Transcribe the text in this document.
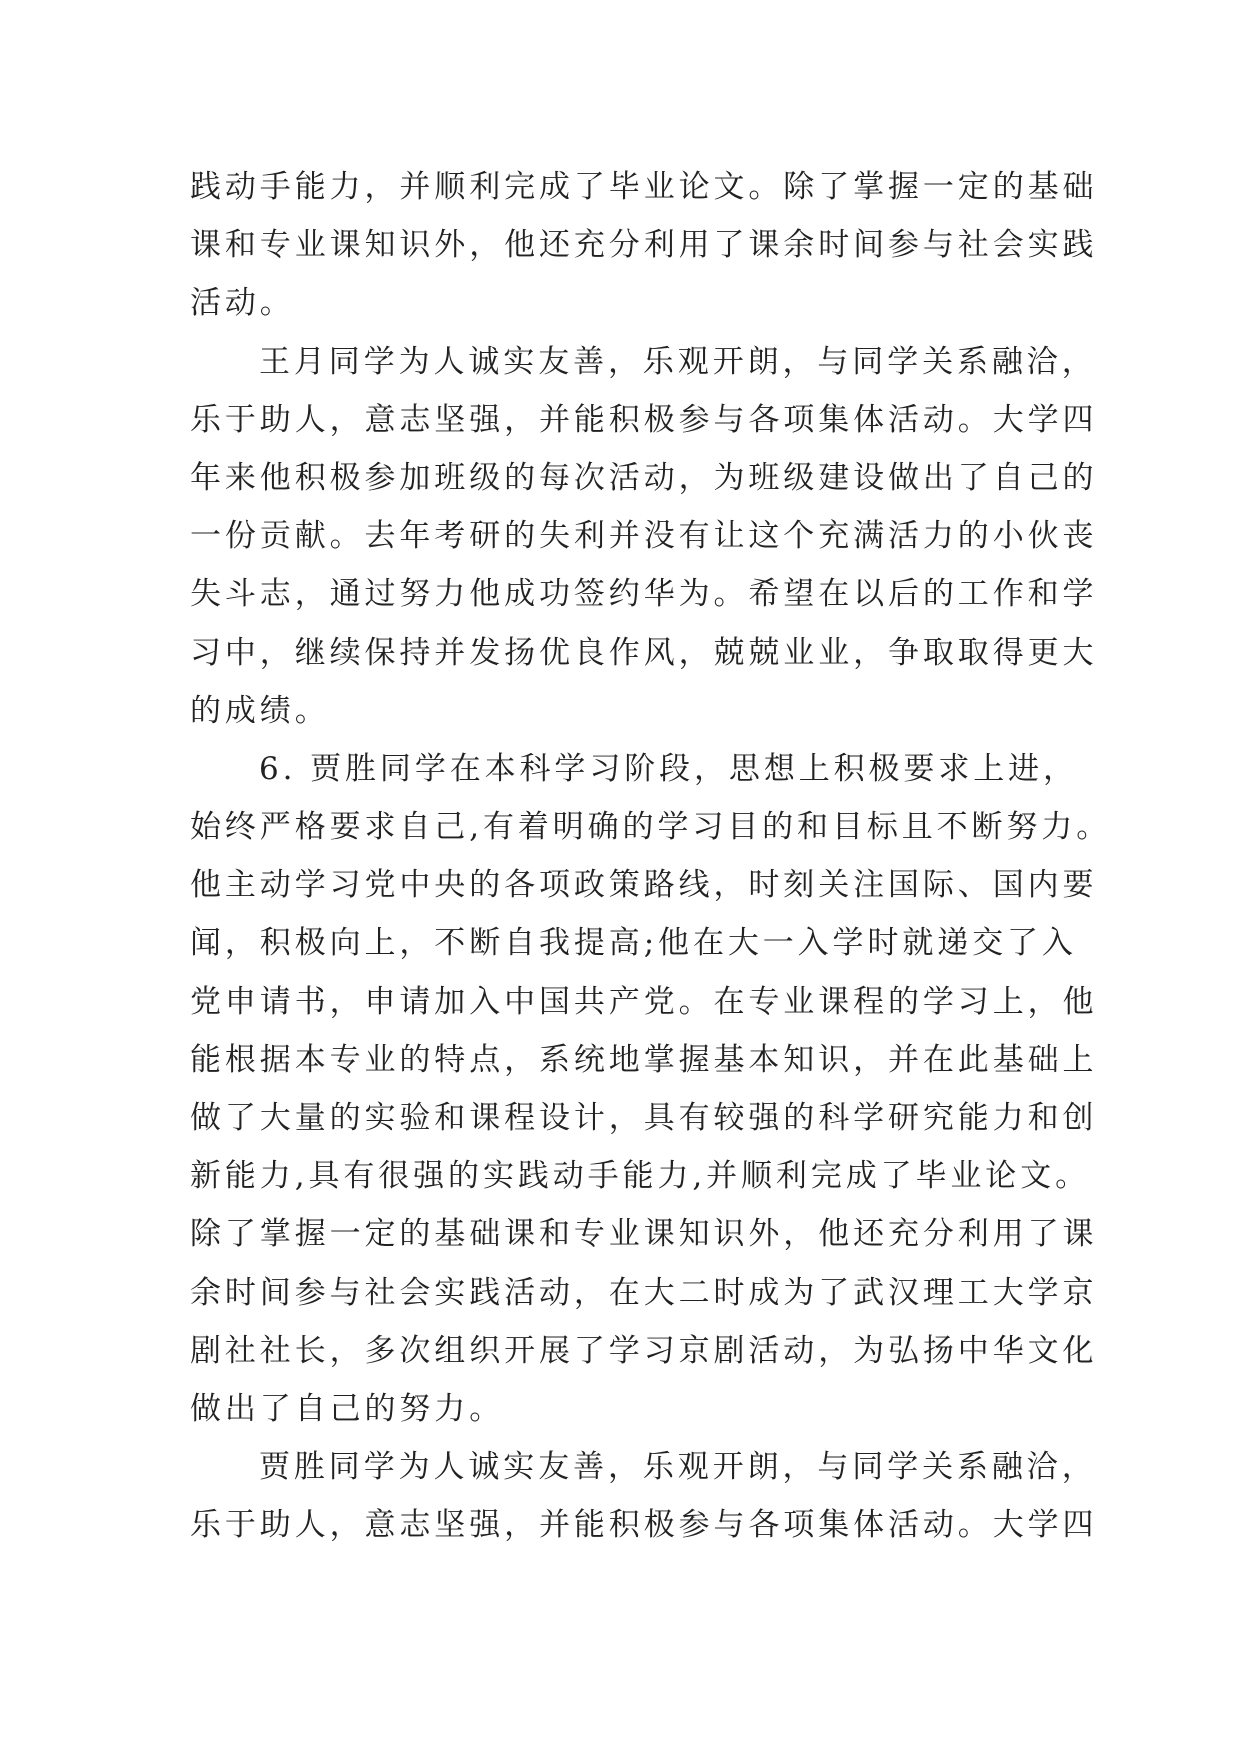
践动手能力，并顺利完成了毕业论文。除了掌握一定的基础
课和专业课知识外，他还充分利用了课余时间参与社会实践
活动。
王月同学为人诚实友善，乐观开朗，与同学关系融洽，
乐于助人，意志坚强，并能积极参与各项集体活动。大学四
年来他积极参加班级的每次活动，为班级建设做出了自己的
一份贡献。去年考研的失利并没有让这个充满活力的小伙丧
失斗志，通过努力他成功签约华为。希望在以后的工作和学
习中，继续保持并发扬优良作风，兢兢业业，争取取得更大
的成绩。
6. 贾胜同学在本科学习阶段，思想上积极要求上进，
始终严格要求自己,有着明确的学习目的和目标且不断努力。
他主动学习党中央的各项政策路线，时刻关注国际、国内要
闻，积极向上，不断自我提高;他在大一入学时就递交了入
党申请书，申请加入中国共产党。在专业课程的学习上，他
能根据本专业的特点，系统地掌握基本知识，并在此基础上
做了大量的实验和课程设计，具有较强的科学研究能力和创
新能力,具有很强的实践动手能力,并顺利完成了毕业论文。
除了掌握一定的基础课和专业课知识外，他还充分利用了课
余时间参与社会实践活动，在大二时成为了武汉理工大学京
剧社社长，多次组织开展了学习京剧活动，为弘扬中华文化
做出了自己的努力。
贾胜同学为人诚实友善，乐观开朗，与同学关系融洽，
乐于助人，意志坚强，并能积极参与各项集体活动。大学四
